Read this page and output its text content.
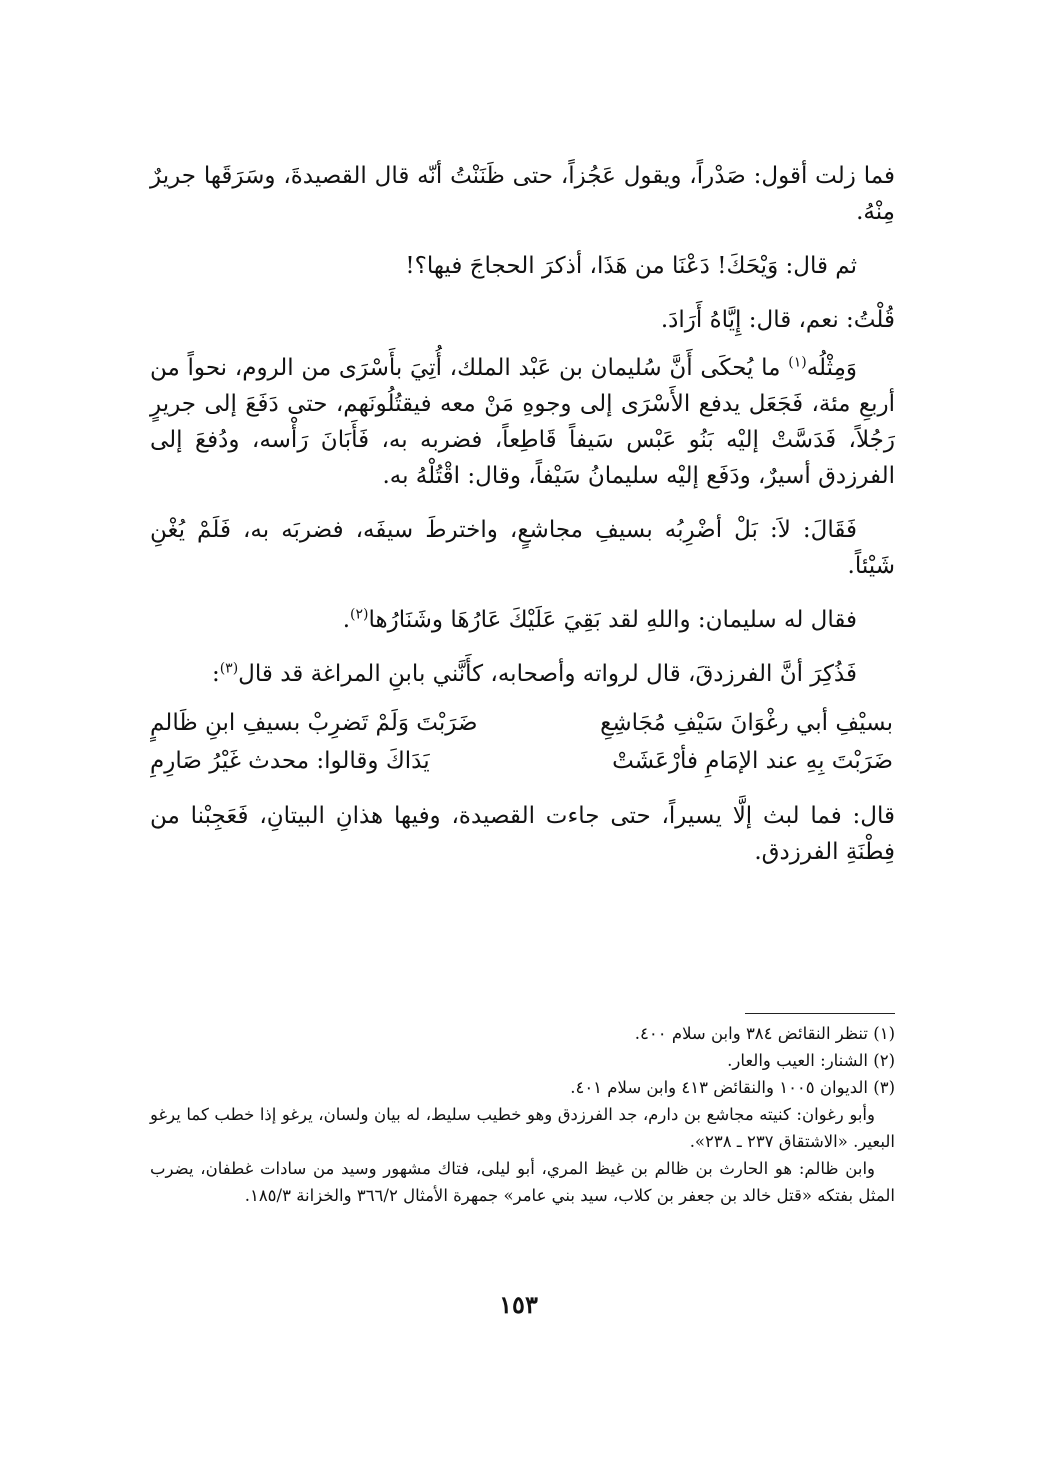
فما زلت أقول: صَدْراً، ويقول عَجُزاً، حتى ظَنَنْتُ أنّه قال القصيدةَ، وسَرَقَها جريرٌ مِنْهُ.

ثم قال: وَيْحَكَ! دَعْنَا من هَذَا، أذكرَ الحجاجَ فيها؟!

قُلْتُ: نعم، قال: إِيَّاهُ أَرَادَ.

وَمِثْلُه$^{(١)}$ ما يُحكَى أَنَّ سُليمان بن عَبْد الملك، أُتِيَ بأَسْرَى من الروم، نحواً من أربعِ مئة، فَجَعَل يدفع الأَسْرَى إلى وجوهِ مَنْ معه فيقتُلُونَهم، حتى دَفَعَ إلى جريرٍ رَجُلاً، فَدَسَّتْ إليْه بَنُو عَبْس سَيفاً قَاطِعاً، فضربه به، فَأَبَانَ رَأْسه، ودُفعَ إلى الفرزدق أسيرٌ، ودَفَع إليْه سليمانُ سَيْفاً، وقال: اقْتُلْهُ به.

فَقَالَ: لاَ: بَلْ أضْرِبُه بسيفِ مجاشعٍ، واخترطَ سيفَه، فضربَه به، فَلَمْ يُغْنِ شَيْئاً.

فقال له سليمان: واللهِ لقد بَقِيَ عَلَيْكَ عَارُهَا وشَنَارُها$^{(٢)}$.

فَذُكِرَ أنَّ الفرزدقَ، قال لرواته وأصحابه، كأَنَّني بابنِ المراغة قد قال$^{(٣)}$:

بسيْفِ أبي رغْوَانَ سَيْفِ مُجَاشِعِ
ضَرَبْتَ وَلَمْ تَضرِبْ بسيفِ ابنِ ظَالمٍ
ضَرَبْتَ بِهِ عند الإمَامِ فأرْعَشَتْ
يَدَاكَ وقالوا: محدث غَيْرُ صَارِمِ

قال: فما لبث إلَّا يسيراً، حتى جاءت القصيدة، وفيها هذانِ البيتانِ، فَعَجِبْنا من فِطْنَةِ الفرزدق.

(١) تنظر النقائض ٣٨٤ وابن سلام ٤٠٠.

(٢) الشنار: العيب والعار.

(٣) الديوان ١٠٠٥ والنقائض ٤١٣ وابن سلام ٤٠١.

وأبو رغوان: كنيته مجاشع بن دارم، جد الفرزدق وهو خطيب سليط، له بيان ولسان، يرغو إذا خطب كما يرغو البعير. «الاشتقاق ٢٣٧ ـ ٢٣٨».

وابن ظالم: هو الحارث بن ظالم بن غيظ المري، أبو ليلى، فتاك مشهور وسيد من سادات غطفان، يضرب المثل بفتكه «قتل خالد بن جعفر بن كلاب، سيد بني عامر» جمهرة الأمثال ٣٦٦/٢ والخزانة ١٨٥/٣.

١٥٣
